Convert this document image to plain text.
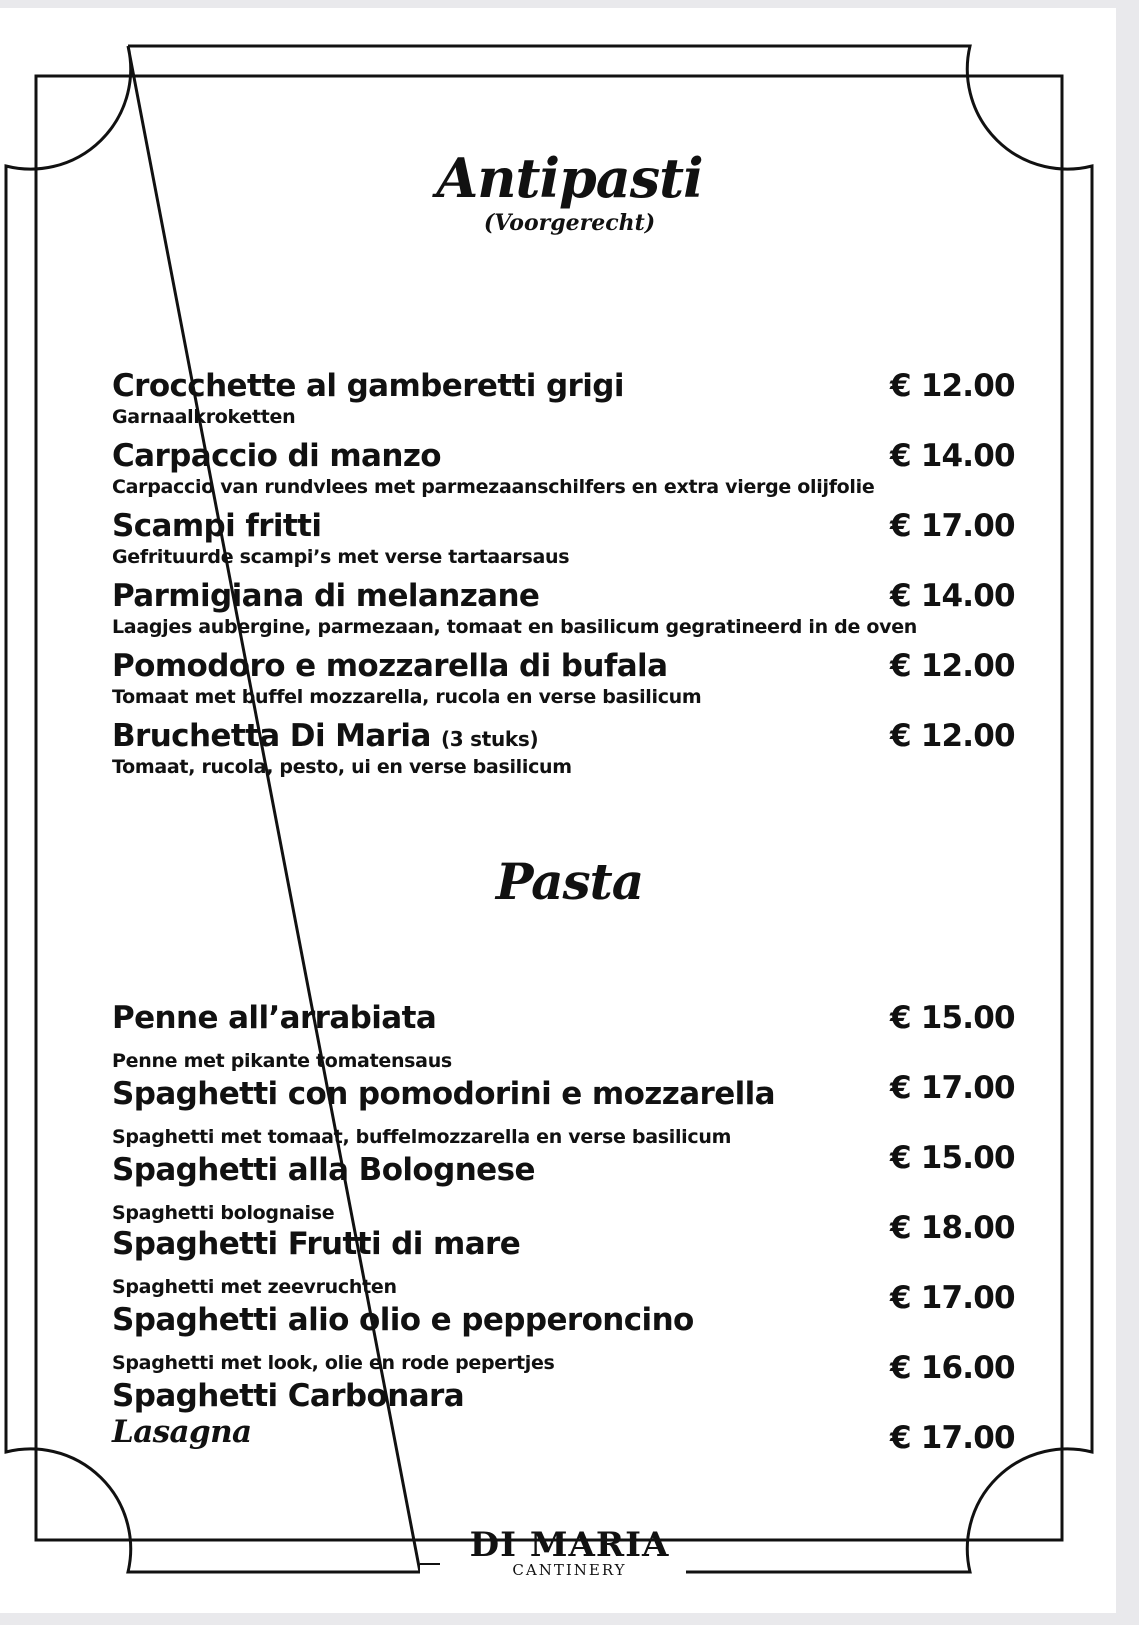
Antipasti
(Voorgerecht)
Crocchette al gamberetti grigi
Garnaalkroketten
€ 12.00
Carpaccio di manzo
Carpaccio van rundvlees met parmezaanschilfers en extra vierge olijfolie
€ 14.00
Scampi fritti
Gefrituurde scampi’s met verse tartaarsaus
€ 17.00
Parmigiana di melanzane
Laagjes aubergine, parmezaan, tomaat en basilicum gegratineerd in de oven
€ 14.00
Pomodoro e mozzarella di bufala
Tomaat met buffel mozzarella, rucola en verse basilicum
€ 12.00
Bruchetta Di Maria (3 stuks)
Tomaat, rucola, pesto, ui en verse basilicum
€ 12.00
Pasta
Penne all’arrabiata
Penne met pikante tomatensaus
Spaghetti con pomodorini e mozzarella
Spaghetti met tomaat, buffelmozzarella en verse basilicum
Spaghetti alla Bolognese
Spaghetti bolognaise
Spaghetti Frutti di mare
Spaghetti met zeevruchten
Spaghetti alio olio e pepperoncino
Spaghetti met look, olie en rode pepertjes
Spaghetti Carbonara
Lasagna
€ 15.00
€ 17.00
€ 15.00
€ 18.00
€ 17.00
€ 16.00
€ 17.00
DI MARIA
CANTINERY
